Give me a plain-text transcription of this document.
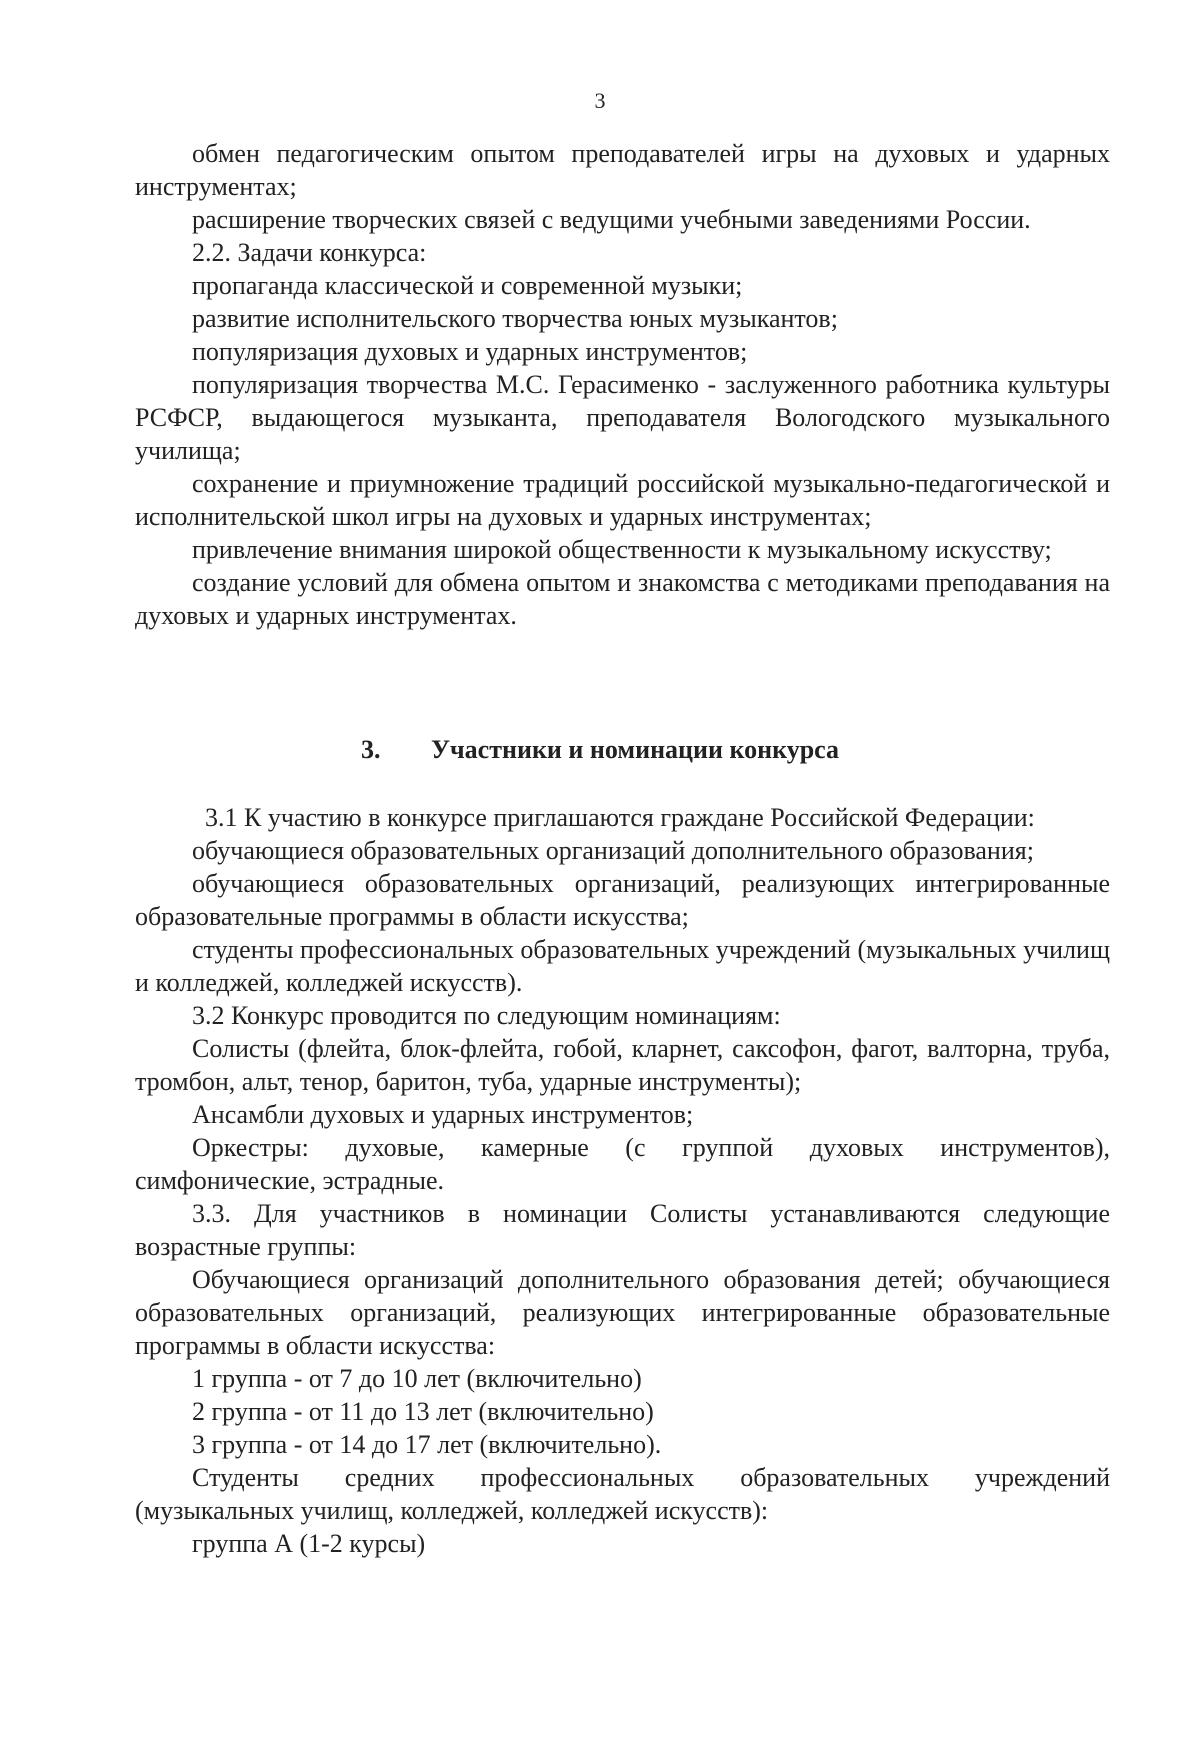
3

обмен педагогическим опытом преподавателей игры на духовых и ударных инструментах;

расширение творческих связей с ведущими учебными заведениями России.

2.2. Задачи конкурса:

пропаганда классической и современной музыки;

развитие исполнительского творчества юных музыкантов;

популяризация духовых и ударных инструментов;

популяризация творчества М.С. Герасименко - заслуженного работника культуры РСФСР, выдающегося музыканта, преподавателя Вологодского музыкального училища;

сохранение и приумножение традиций российской музыкально-педагогической и исполнительской школ игры на духовых и ударных инструментах;

привлечение внимания широкой общественности к музыкальному искусству;

создание условий для обмена опытом и знакомства с методиками преподавания на духовых и ударных инструментах.

3. Участники и номинации конкурса

3.1 К участию в конкурсе приглашаются граждане Российской Федерации:

обучающиеся образовательных организаций дополнительного образования;

обучающиеся образовательных организаций, реализующих интегрированные образовательные программы в области искусства;

студенты профессиональных образовательных учреждений (музыкальных училищ и колледжей, колледжей искусств).

3.2 Конкурс проводится по следующим номинациям:

Солисты (флейта, блок-флейта, гобой, кларнет, саксофон, фагот, валторна, труба, тромбон, альт, тенор, баритон, туба, ударные инструменты);

Ансамбли духовых и ударных инструментов;

Оркестры: духовые, камерные (с группой духовых инструментов), симфонические, эстрадные.

3.3. Для участников в номинации Солисты устанавливаются следующие возрастные группы:

Обучающиеся организаций дополнительного образования детей; обучающиеся образовательных организаций, реализующих интегрированные образовательные программы в области искусства:

1 группа - от 7 до 10 лет (включительно)

2 группа - от 11 до 13 лет (включительно)

3 группа - от 14 до 17 лет (включительно).

Студенты средних профессиональных образовательных учреждений (музыкальных училищ, колледжей, колледжей искусств):

группа А (1-2 курсы)
